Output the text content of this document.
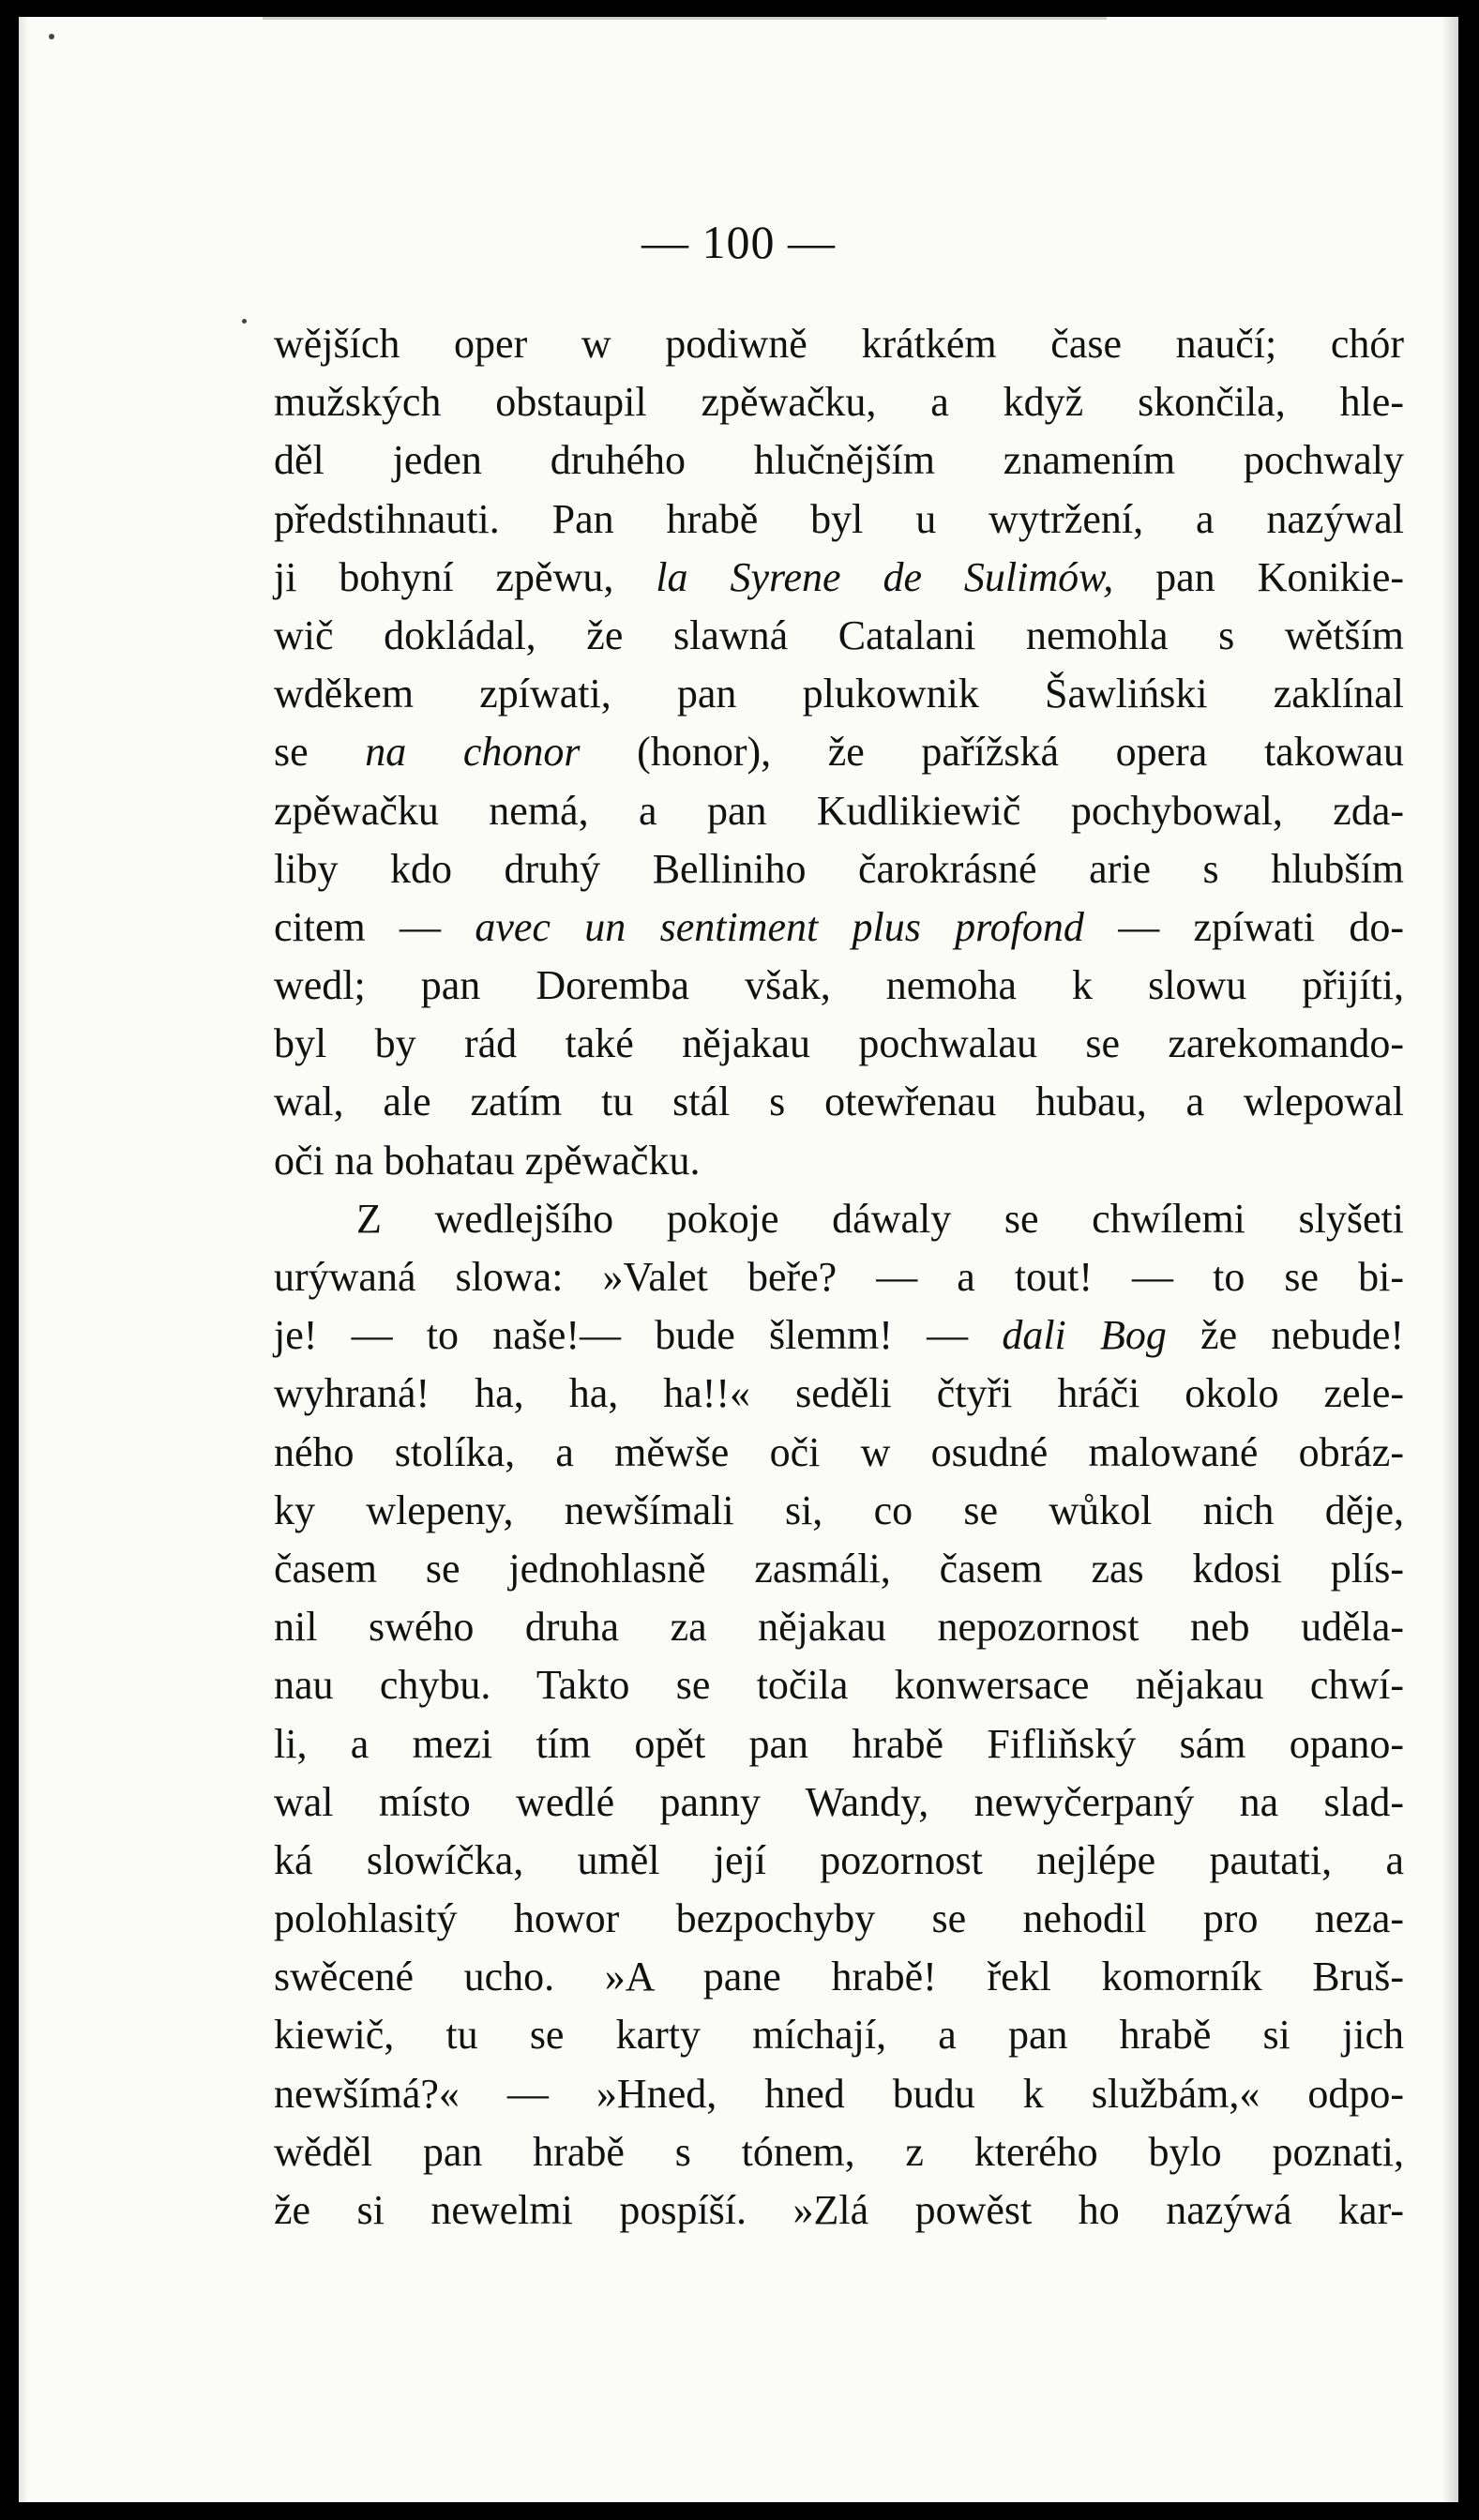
— 100 —
wějších oper w podiwně krátkém čase naučí; chór
mužských obstaupil zpěwačku, a když skončila, hle-
děl jeden druhého hlučnějším znamením pochwaly
předstihnauti. Pan hrabě byl u wytržení, a nazýwal
ji bohyní zpěwu, la Syrene de Sulimów, pan Konikie-
wič dokládal, že slawná Catalani nemohla s wětším
wděkem zpíwati, pan plukownik Šawliński zaklínal
se na chonor (honor), že pařížská opera takowau
zpěwačku nemá, a pan Kudlikiewič pochybowal, zda-
liby kdo druhý Belliniho čarokrásné arie s hlubším
citem — avec un sentiment plus profond — zpíwati do-
wedl; pan Doremba však, nemoha k slowu přijíti,
byl by rád také nějakau pochwalau se zarekomando-
wal, ale zatím tu stál s otewřenau hubau, a wlepowal
oči na bohatau zpěwačku.
Z wedlejšího pokoje dáwaly se chwílemi slyšeti
urýwaná slowa: »Valet beře? — a tout! — to se bi-
je! — to naše!— bude šlemm! — dali Bog že nebude!
wyhraná! ha, ha, ha!!« seděli čtyři hráči okolo zele-
ného stolíka, a měwše oči w osudné malowané obráz-
ky wlepeny, newšímali si, co se wůkol nich děje,
časem se jednohlasně zasmáli, časem zas kdosi plís-
nil swého druha za nějakau nepozornost neb uděla-
nau chybu. Takto se točila konwersace nějakau chwí-
li, a mezi tím opět pan hrabě Fifliňský sám opano-
wal místo wedlé panny Wandy, newyčerpaný na slad-
ká slowíčka, uměl její pozornost nejlépe pautati, a
polohlasitý howor bezpochyby se nehodil pro neza-
swěcené ucho. »A pane hrabě! řekl komorník Bruš-
kiewič, tu se karty míchají, a pan hrabě si jich
newšímá?« — »Hned, hned budu k službám,« odpo-
wěděl pan hrabě s tónem, z kterého bylo poznati,
že si newelmi pospíší. »Zlá powěst ho nazýwá kar-
